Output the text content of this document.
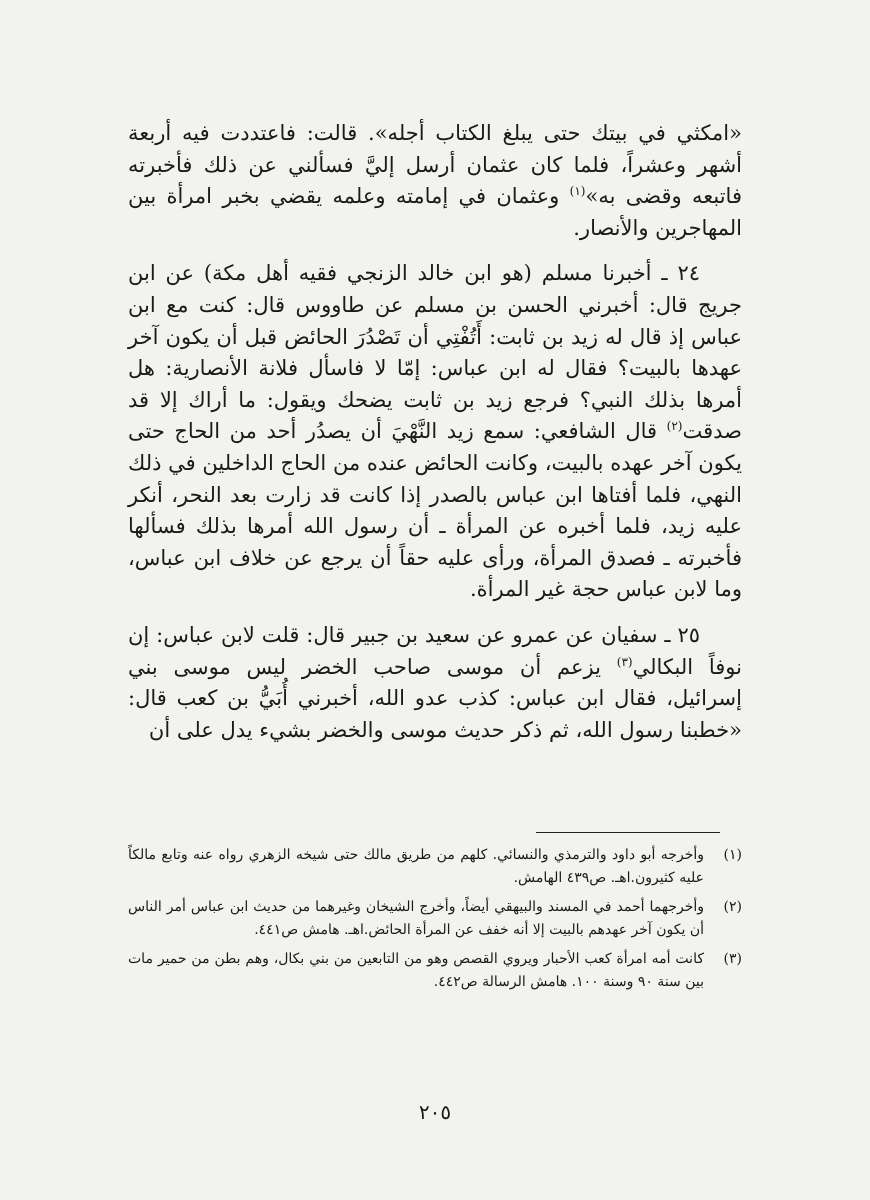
«امكثي في بيتك حتى يبلغ الكتاب أجله». قالت: فاعتددت فيه أربعة أشهر وعشراً، فلما كان عثمان أرسل إليَّ فسألني عن ذلك فأخبرته فاتبعه وقضى به»$^{(١)}$ وعثمان في إمامته وعلمه يقضي بخبر امرأة بين المهاجرين والأنصار.

٢٤ ـ أخبرنا مسلم (هو ابن خالد الزنجي فقيه أهل مكة) عن ابن جريج قال: أخبرني الحسن بن مسلم عن طاووس قال: كنت مع ابن عباس إذ قال له زيد بن ثابت: أَتُفْتِي أن تَصْدُرَ الحائض قبل أن يكون آخر عهدها بالبيت؟ فقال له ابن عباس: إمّا لا فاسأل فلانة الأنصارية: هل أمرها بذلك النبي؟ فرجع زيد بن ثابت يضحك ويقول: ما أراك إلا قد صدقت$^{(٢)}$ قال الشافعي: سمع زيد النَّهْيَ أن يصدُر أحد من الحاج حتى يكون آخر عهده بالبيت، وكانت الحائض عنده من الحاج الداخلين في ذلك النهي، فلما أفتاها ابن عباس بالصدر إذا كانت قد زارت بعد النحر، أنكر عليه زيد، فلما أخبره عن المرأة ـ أن رسول الله أمرها بذلك فسألها فأخبرته ـ فصدق المرأة، ورأى عليه حقاً أن يرجع عن خلاف ابن عباس، وما لابن عباس حجة غير المرأة.

٢٥ ـ سفيان عن عمرو عن سعيد بن جبير قال: قلت لابن عباس: إن نوفاً البكالي$^{(٣)}$ يزعم أن موسى صاحب الخضر ليس موسى بني إسرائيل، فقال ابن عباس: كذب عدو الله، أخبرني أُبَيُّ بن كعب قال: «خطبنا رسول الله، ثم ذكر حديث موسى والخضر بشيء يدل على أن

(١)
وأخرجه أبو داود والترمذي والنسائي. كلهم من طريق مالك حتى شيخه الزهري رواه عنه وتابع مالكاً عليه كثيرون.اهـ. ص٤٣٩ الهامش.
(٢)
وأخرجهما أحمد في المسند والبيهقي أيضاً، وأخرج الشيخان وغيرهما من حديث ابن عباس أمر الناس أن يكون آخر عهدهم بالبيت إلا أنه خفف عن المرأة الحائض.اهـ. هامش ص٤٤١.
(٣)
كانت أمه امرأة كعب الأحبار ويروي القصص وهو من التابعين من بني بكال، وهم بطن من حمير مات بين سنة ٩٠ وسنة ١٠٠. هامش الرسالة ص٤٤٢.
٢٠٥
